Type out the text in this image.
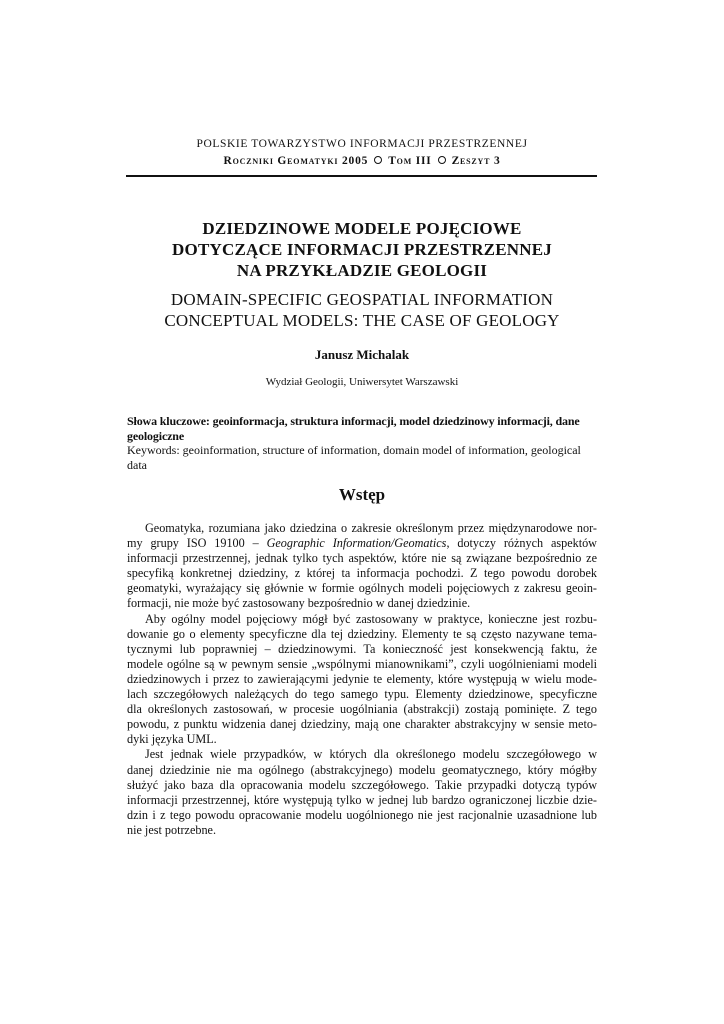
POLSKIE TOWARZYSTWO INFORMACJI PRZESTRZENNEJ
Roczniki Geomatyki 2005 Tom III Zeszyt 3
DZIEDZINOWE MODELE POJĘCIOWE
DOTYCZĄCE INFORMACJI PRZESTRZENNEJ
NA PRZYKŁADZIE GEOLOGII
DOMAIN-SPECIFIC GEOSPATIAL INFORMATION
CONCEPTUAL MODELS: THE CASE OF GEOLOGY
Janusz Michalak
Wydział Geologii, Uniwersytet Warszawski
Słowa kluczowe: geoinformacja, struktura informacji, model dziedzinowy informacji, dane
geologiczne
Keywords: geoinformation, structure of information, domain model of information, geological
data
Wstęp
Geomatyka, rozumiana jako dziedzina o zakresie określonym przez międzynarodowe nor-
my grupy ISO 19100 – Geographic Information/Geomatics, dotyczy różnych aspektów
informacji przestrzennej, jednak tylko tych aspektów, które nie są związane bezpośrednio ze
specyfiką konkretnej dziedziny, z której ta informacja pochodzi. Z tego powodu dorobek
geomatyki, wyrażający się głównie w formie ogólnych modeli pojęciowych z zakresu geoin-
formacji, nie może być zastosowany bezpośrednio w danej dziedzinie.
Aby ogólny model pojęciowy mógł być zastosowany w praktyce, konieczne jest rozbu-
dowanie go o elementy specyficzne dla tej dziedziny. Elementy te są często nazywane tema-
tycznymi lub poprawniej – dziedzinowymi. Ta konieczność jest konsekwencją faktu, że
modele ogólne są w pewnym sensie „wspólnymi mianownikami”, czyli uogólnieniami modeli
dziedzinowych i przez to zawierającymi jedynie te elementy, które występują w wielu mode-
lach szczegółowych należących do tego samego typu. Elementy dziedzinowe, specyficzne
dla określonych zastosowań, w procesie uogólniania (abstrakcji) zostają pominięte. Z tego
powodu, z punktu widzenia danej dziedziny, mają one charakter abstrakcyjny w sensie meto-
dyki języka UML.
Jest jednak wiele przypadków, w których dla określonego modelu szczegółowego w
danej dziedzinie nie ma ogólnego (abstrakcyjnego) modelu geomatycznego, który mógłby
służyć jako baza dla opracowania modelu szczegółowego. Takie przypadki dotyczą typów
informacji przestrzennej, które występują tylko w jednej lub bardzo ograniczonej liczbie dzie-
dzin i z tego powodu opracowanie modelu uogólnionego nie jest racjonalnie uzasadnione lub
nie jest potrzebne.
